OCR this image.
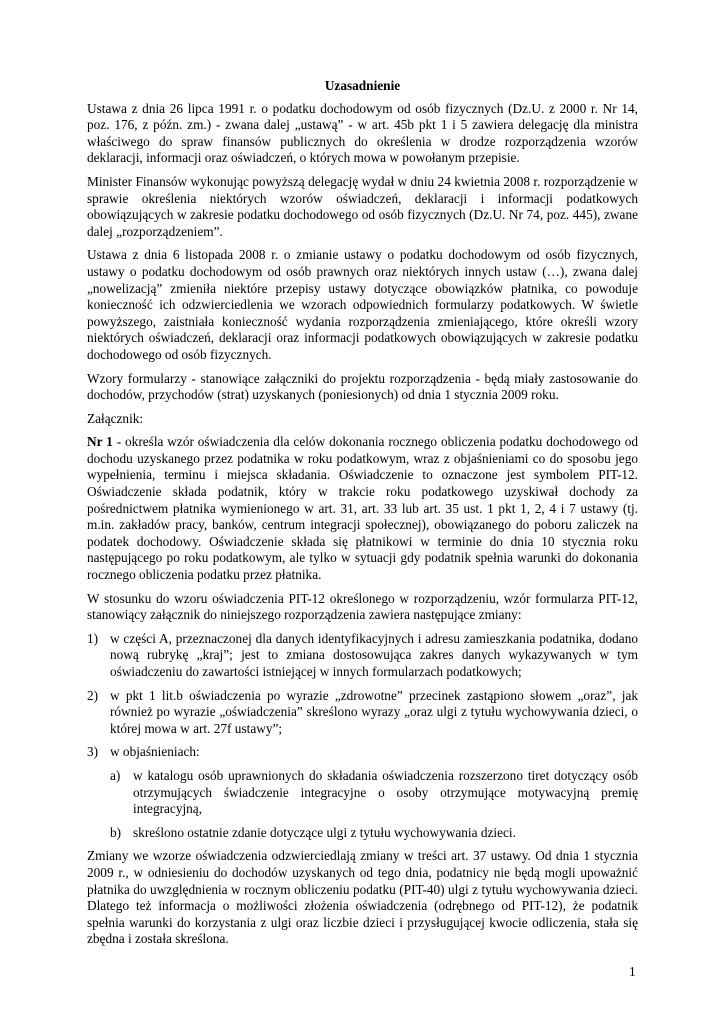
Uzasadnienie

Ustawa z dnia 26 lipca 1991 r. o podatku dochodowym od osób fizycznych (Dz.U. z 2000 r. Nr 14, poz. 176, z późn. zm.) - zwana dalej „ustawą” - w art. 45b pkt 1 i 5 zawiera delegację dla ministra właściwego do spraw finansów publicznych do określenia w drodze rozporządzenia wzorów deklaracji, informacji oraz oświadczeń, o których mowa w powołanym przepisie.

Minister Finansów wykonując powyższą delegację wydał w dniu 24 kwietnia 2008 r. rozporządzenie w sprawie określenia niektórych wzorów oświadczeń, deklaracji i informacji podatkowych obowiązujących w zakresie podatku dochodowego od osób fizycznych (Dz.U. Nr 74, poz. 445), zwane dalej „rozporządzeniem”.

Ustawa z dnia 6 listopada 2008 r. o zmianie ustawy o podatku dochodowym od osób fizycznych, ustawy o podatku dochodowym od osób prawnych oraz niektórych innych ustaw (…), zwana dalej „nowelizacją” zmieniła niektóre przepisy ustawy dotyczące obowiązków płatnika, co powoduje konieczność ich odzwierciedlenia we wzorach odpowiednich formularzy podatkowych. W świetle powyższego, zaistniała konieczność wydania rozporządzenia zmieniającego, które określi wzory niektórych oświadczeń, deklaracji oraz informacji podatkowych obowiązujących w zakresie podatku dochodowego od osób fizycznych.

Wzory formularzy - stanowiące załączniki do projektu rozporządzenia - będą miały zastosowanie do dochodów, przychodów (strat) uzyskanych (poniesionych) od dnia 1 stycznia 2009 roku.

Załącznik:

Nr 1 - określa wzór oświadczenia dla celów dokonania rocznego obliczenia podatku dochodowego od dochodu uzyskanego przez podatnika w roku podatkowym, wraz z objaśnieniami co do sposobu jego wypełnienia, terminu i miejsca składania. Oświadczenie to oznaczone jest symbolem PIT-12. Oświadczenie składa podatnik, który w trakcie roku podatkowego uzyskiwał dochody za pośrednictwem płatnika wymienionego w art. 31, art. 33 lub art. 35 ust. 1 pkt 1, 2, 4 i 7 ustawy (tj. m.in. zakładów pracy, banków, centrum integracji społecznej), obowiązanego do poboru zaliczek na podatek dochodowy. Oświadczenie składa się płatnikowi w terminie do dnia 10 stycznia roku następującego po roku podatkowym, ale tylko w sytuacji gdy podatnik spełnia warunki do dokonania rocznego obliczenia podatku przez płatnika.

W stosunku do wzoru oświadczenia PIT-12 określonego w rozporządzeniu, wzór formularza PIT-12, stanowiący załącznik do niniejszego rozporządzenia zawiera następujące zmiany:

1) w części A, przeznaczonej dla danych identyfikacyjnych i adresu zamieszkania podatnika, dodano nową rubrykę „kraj”; jest to zmiana dostosowująca zakres danych wykazywanych w tym oświadczeniu do zawartości istniejącej w innych formularzach podatkowych;
2) w pkt 1 lit.b oświadczenia po wyrazie „zdrowotne” przecinek zastąpiono słowem „oraz”, jak również po wyrazie „oświadczenia” skreślono wyrazy „oraz ulgi z tytułu wychowywania dzieci, o której mowa w art. 27f ustawy”;
3) w objaśnieniach:
a) w katalogu osób uprawnionych do składania oświadczenia rozszerzono tiret dotyczący osób otrzymujących świadczenie integracyjne o osoby otrzymujące motywacyjną premię integracyjną,
b) skreślono ostatnie zdanie dotyczące ulgi z tytułu wychowywania dzieci.

Zmiany we wzorze oświadczenia odzwierciedlają zmiany w treści art. 37 ustawy. Od dnia 1 stycznia 2009 r., w odniesieniu do dochodów uzyskanych od tego dnia, podatnicy nie będą mogli upoważnić płatnika do uwzględnienia w rocznym obliczeniu podatku (PIT-40) ulgi z tytułu wychowywania dzieci. Dlatego też informacja o możliwości złożenia oświadczenia (odrębnego od PIT-12), że podatnik spełnia warunki do korzystania z ulgi oraz liczbie dzieci i przysługującej kwocie odliczenia, stała się zbędna i została skreślona.

1
